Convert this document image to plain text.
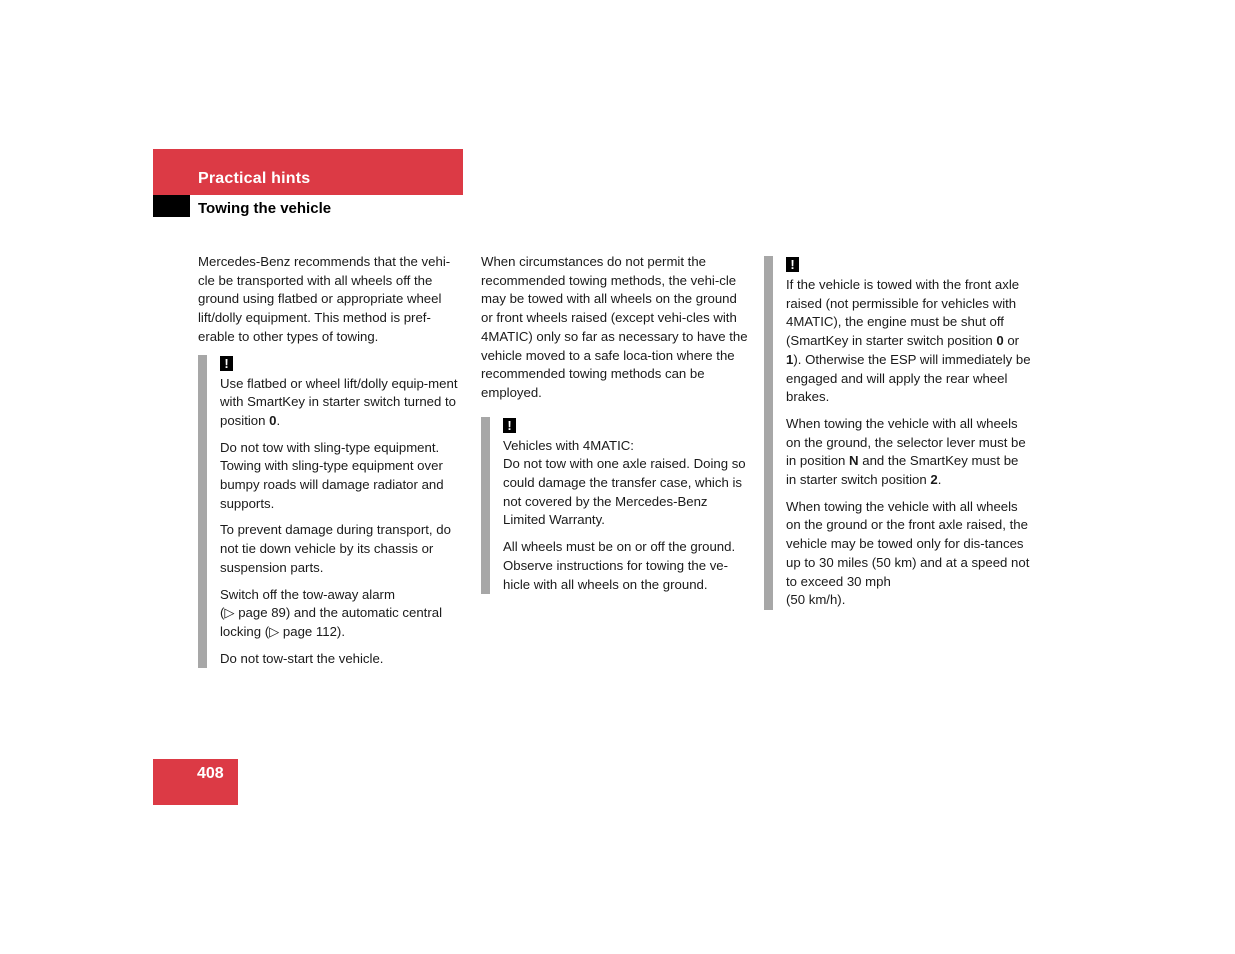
Practical hints
Towing the vehicle

Mercedes-Benz recommends that the vehi-cle be transported with all wheels off the ground using flatbed or appropriate wheel lift/dolly equipment. This method is pref-erable to other types of towing.

!

Use flatbed or wheel lift/dolly equip-ment with SmartKey in starter switch turned to position 0.

Do not tow with sling-type equipment. Towing with sling-type equipment over bumpy roads will damage radiator and supports.

To prevent damage during transport, do not tie down vehicle by its chassis or suspension parts.

Switch off the tow-away alarm
(▷ page 89) and the automatic central locking (▷ page 112).

Do not tow-start the vehicle.

When circumstances do not permit the recommended towing methods, the vehi-cle may be towed with all wheels on the ground or front wheels raised (except vehi-cles with 4MATIC) only so far as necessary to have the vehicle moved to a safe loca-tion where the recommended towing methods can be employed.

!

Vehicles with 4MATIC:
Do not tow with one axle raised. Doing so could damage the transfer case, which is not covered by the Mercedes-Benz Limited Warranty.

All wheels must be on or off the ground. Observe instructions for towing the ve-hicle with all wheels on the ground.

!

If the vehicle is towed with the front axle raised (not permissible for vehicles with 4MATIC), the engine must be shut off (SmartKey in starter switch position 0 or 1). Otherwise the ESP will immediately be engaged and will apply the rear wheel brakes.

When towing the vehicle with all wheels on the ground, the selector lever must be in position N and the SmartKey must be in starter switch position 2.

When towing the vehicle with all wheels on the ground or the front axle raised, the vehicle may be towed only for dis-tances up to 30 miles (50 km) and at a speed not to exceed 30 mph
(50 km/h).

408
